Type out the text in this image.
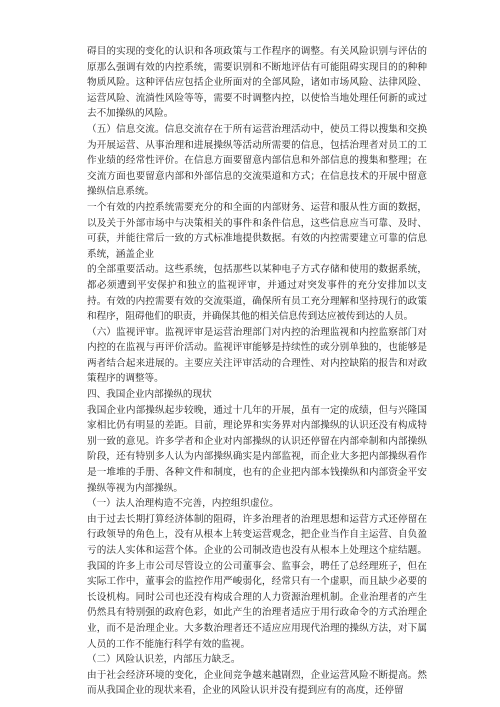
碍目的实现的变化的认识和各项政策与工作程序的调整。有关风险识别与评估的原那么强调有效的内控系统，需要识别和不断地评估有可能阻碍实现目的的种种物质风险。这种评估应包括企业所面对的全部风险，诸如市场风险、法律风险、运营风险、流淌性风险等等，需要不时调整内控，以使恰当地处理任何新的或过去不加操纵的风险。

（五）信息交流。信息交流存在于所有运营治理活动中，使员工得以搜集和交换为开展运营、从事治理和进展操纵等活动所需要的信息，包括治理者对员工的工作业绩的经常性评价。在信息方面要留意内部信息和外部信息的搜集和整理；在交流方面也要留意内部和外部信息的交流渠道和方式；在信息技术的开展中留意操纵信息系统。

一个有效的内控系统需要充分的和全面的内部财务、运营和服从性方面的数据，以及关于外部市场中与决策相关的事件和条件信息，这些信息应当可靠、及时、可获，并能往常后一致的方式标准地提供数据。有效的内控需要建立可靠的信息系统，涵盖企业

的全部重要活动。这些系统，包括那些以某种电子方式存储和使用的数据系统，都必须遭到平安保护和独立的监视评审，并通过对突发事件的充分安排加以支持。有效的内控需要有效的交流渠道，确保所有员工充分理解和坚持现行的政策和程序，阻碍他们的职责，并确保其他的相关信息传到达应被传到达的人员。

（六）监视评审。监视评审是运营治理部门对内控的治理监视和内控监察部门对内控的在监视与再评价活动。监视评审能够是持续性的或分别单独的，也能够是两者结合起来进展的。主要应关注评审活动的合理性、对内控缺陷的报告和对政策程序的调整等。

四、我国企业内部操纵的现状

我国企业内部操纵起步较晚，通过十几年的开展，虽有一定的成绩，但与兴隆国家相比仍有明显的差距。目前，理论界和实务界对内部操纵的认识还没有构成特别一致的意见。许多学者和企业对内部操纵的认识还停留在内部牵制和内部操纵阶段，还有特别多人认为内部操纵确实是内部监视，而企业大多把内部操纵看作是一堆堆的手册、各种文件和制度，也有的企业把内部本钱操纵和内部资金平安操纵等视为内部操纵。

（一）法人治理构造不完善，内控组织虚位。

由于过去长期打算经济体制的阻碍，许多治理者的治理思想和运营方式还停留在行政领导的角色上，没有从根本上转变运营观念，把企业当作自主运营、自负盈亏的法人实体和运营个体。企业的公司制改造也没有从根本上处理这个症结题。我国的许多上市公司尽管设立的公司董事会、监事会，聘任了总经理班子，但在实际工作中，董事会的监控作用严峻弱化，经常只有一个虚职，而且缺少必要的长设机构。同时公司也还没有构成合理的人力资源治理机制。企业治理者的产生仍然具有特别强的政府色彩，如此产生的治理者适应于用行政命令的方式治理企业，而不是治理企业。大多数治理者还不适应应用现代治理的操纵方法，对下属人员的工作不能施行科学有效的监视。

（二）风险认识差，内部压力缺乏。

由于社会经济环境的变化，企业间竞争越来越剧烈，企业运营风险不断提高。然而从我国企业的现状来看，企业的风险认识并没有提到应有的高度，还停留
